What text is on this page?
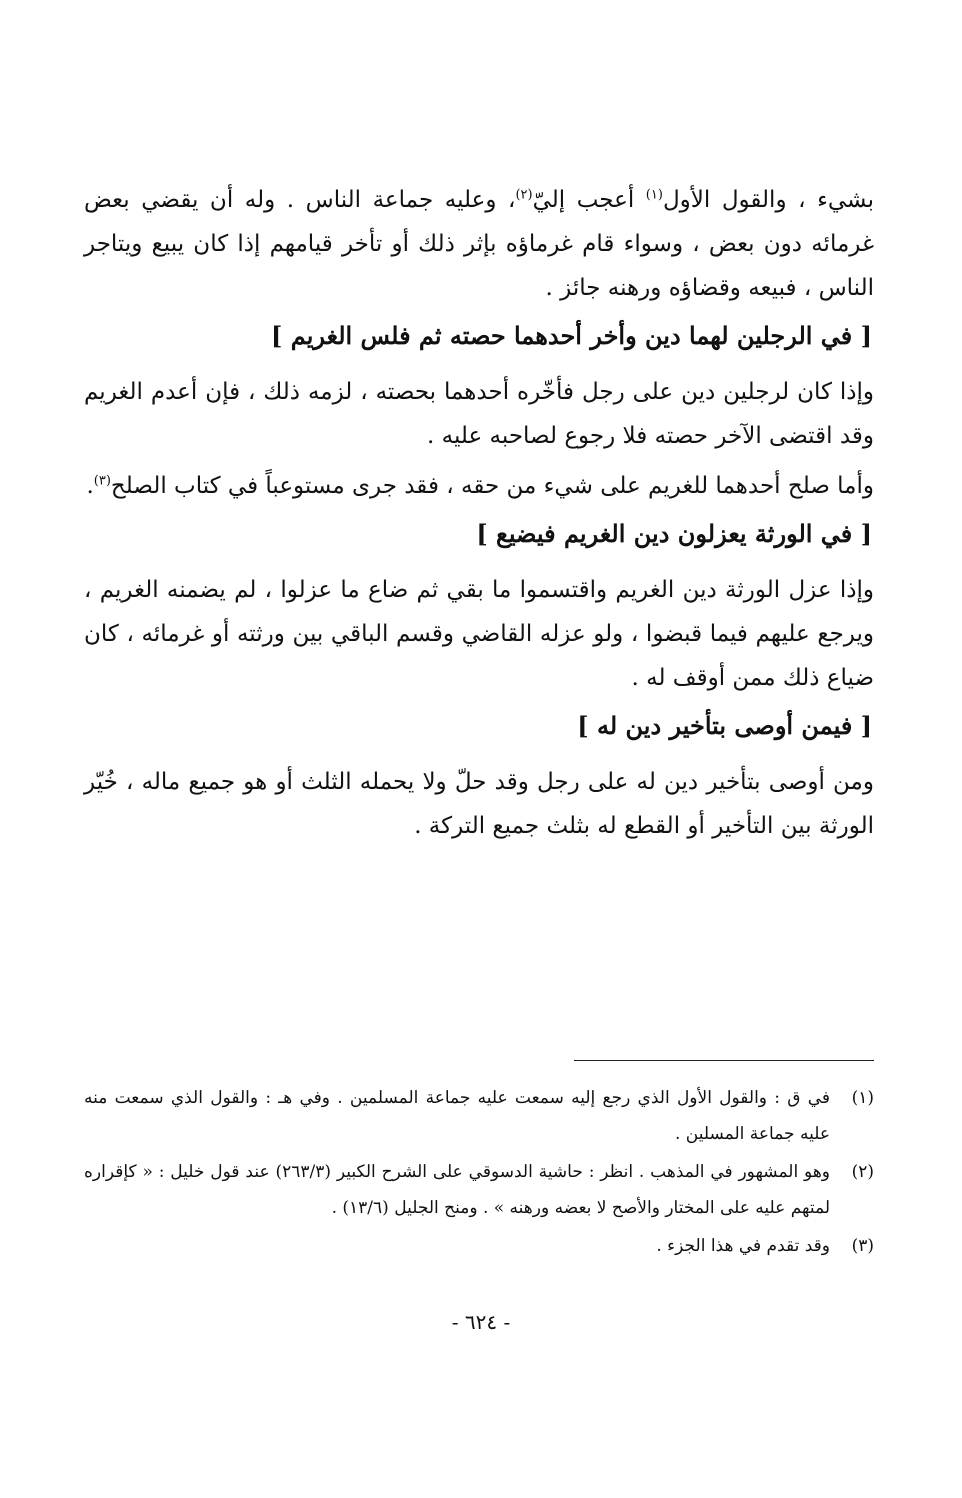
بشيء ، والقول الأول$^{(١)}$ أعجب إليّ$^{(٢)}$، وعليه جماعة الناس . وله أن يقضي بعض غرمائه دون بعض ، وسواء قام غرماؤه بإثر ذلك أو تأخر قيامهم إذا كان يبيع ويتاجر الناس ، فبيعه وقضاؤه ورهنه جائز .

[ في الرجلين لهما دين وأخر أحدهما حصته ثم فلس الغريم ]

وإذا كان لرجلين دين على رجل فأخّره أحدهما بحصته ، لزمه ذلك ، فإن أعدم الغريم وقد اقتضى الآخر حصته فلا رجوع لصاحبه عليه .

وأما صلح أحدهما للغريم على شيء من حقه ، فقد جرى مستوعباً في كتاب الصلح$^{(٣)}$.

[ في الورثة يعزلون دين الغريم فيضيع ]

وإذا عزل الورثة دين الغريم واقتسموا ما بقي ثم ضاع ما عزلوا ، لم يضمنه الغريم ، ويرجع عليهم فيما قبضوا ، ولو عزله القاضي وقسم الباقي بين ورثته أو غرمائه ، كان ضياع ذلك ممن أوقف له .

[ فيمن أوصى بتأخير دين له ]

ومن أوصى بتأخير دين له على رجل وقد حلّ ولا يحمله الثلث أو هو جميع ماله ، خُيّر الورثة بين التأخير أو القطع له بثلث جميع التركة .

(١)
في ق : والقول الأول الذي رجع إليه سمعت عليه جماعة المسلمين . وفي هـ : والقول الذي سمعت منه عليه جماعة المسلين .
(٢)
وهو المشهور في المذهب . انظر : حاشية الدسوقي على الشرح الكبير (٢٦٣/٣) عند قول خليل : « كإقراره لمتهم عليه على المختار والأصح لا بعضه ورهنه » . ومنح الجليل (١٣/٦) .
(٣)
وقد تقدم في هذا الجزء .
- ٦٢٤ -
